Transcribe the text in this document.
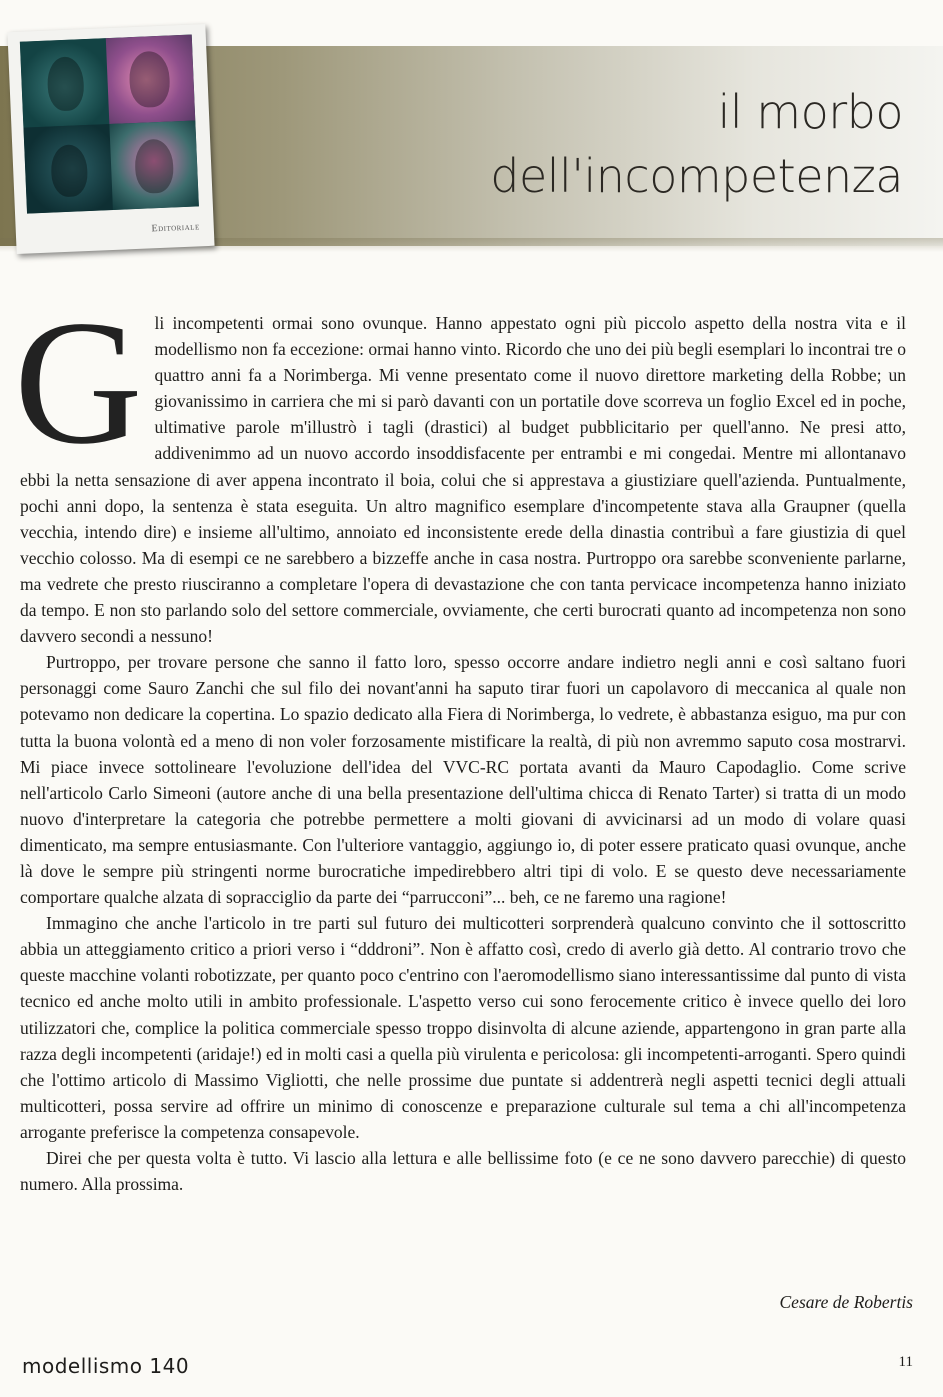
Editoriale
il morbo
dell'incompetenza

Gli incompetenti ormai sono ovunque. Hanno appestato ogni più piccolo aspetto della nostra vita e il modellismo non fa eccezione: ormai hanno vinto. Ricordo che uno dei più begli esemplari lo incontrai tre o quattro anni fa a Norimberga. Mi venne presentato come il nuovo direttore marketing della Robbe; un giovanissimo in carriera che mi si parò davanti con un portatile dove scorreva un foglio Excel ed in poche, ultimative parole m'illustrò i tagli (drastici) al budget pubblicitario per quell'anno. Ne presi atto, addivenimmo ad un nuovo accordo insoddisfacente per entrambi e mi congedai. Mentre mi allontanavo ebbi la netta sensazione di aver appena incontrato il boia, colui che si apprestava a giustiziare quell'azienda. Puntualmente, pochi anni dopo, la sentenza è stata eseguita. Un altro magnifico esemplare d'incompetente stava alla Graupner (quella vecchia, intendo dire) e insieme all'ultimo, annoiato ed inconsistente erede della dinastia contribuì a fare giustizia di quel vecchio colosso. Ma di esempi ce ne sarebbero a bizzeffe anche in casa nostra. Purtroppo ora sarebbe sconveniente parlarne, ma vedrete che presto riusciranno a completare l'opera di devastazione che con tanta pervicace incompetenza hanno iniziato da tempo. E non sto parlando solo del settore commerciale, ovviamente, che certi burocrati quanto ad incompetenza non sono davvero secondi a nessuno!

Purtroppo, per trovare persone che sanno il fatto loro, spesso occorre andare indietro negli anni e così saltano fuori personaggi come Sauro Zanchi che sul filo dei novant'anni ha saputo tirar fuori un capolavoro di meccanica al quale non potevamo non dedicare la copertina. Lo spazio dedicato alla Fiera di Norimberga, lo vedrete, è abbastanza esiguo, ma pur con tutta la buona volontà ed a meno di non voler forzosamente mistificare la realtà, di più non avremmo saputo cosa mostrarvi. Mi piace invece sottolineare l'evoluzione dell'idea del VVC-RC portata avanti da Mauro Capodaglio. Come scrive nell'articolo Carlo Simeoni (autore anche di una bella presentazione dell'ultima chicca di Renato Tarter) si tratta di un modo nuovo d'interpretare la categoria che potrebbe permettere a molti giovani di avvicinarsi ad un modo di volare quasi dimenticato, ma sempre entusiasmante. Con l'ulteriore vantaggio, aggiungo io, di poter essere praticato quasi ovunque, anche là dove le sempre più stringenti norme burocratiche impedirebbero altri tipi di volo. E se questo deve necessariamente comportare qualche alzata di sopracciglio da parte dei “parrucconi”... beh, ce ne faremo una ragione!

Immagino che anche l'articolo in tre parti sul futuro dei multicotteri sorprenderà qualcuno convinto che il sottoscritto abbia un atteggiamento critico a priori verso i “dddroni”. Non è affatto così, credo di averlo già detto. Al contrario trovo che queste macchine volanti robotizzate, per quanto poco c'entrino con l'aeromodellismo siano interessantissime dal punto di vista tecnico ed anche molto utili in ambito professionale. L'aspetto verso cui sono ferocemente critico è invece quello dei loro utilizzatori che, complice la politica commerciale spesso troppo disinvolta di alcune aziende, appartengono in gran parte alla razza degli incompetenti (aridaje!) ed in molti casi a quella più virulenta e pericolosa: gli incompetenti-arroganti. Spero quindi che l'ottimo articolo di Massimo Vigliotti, che nelle prossime due puntate si addentrerà negli aspetti tecnici degli attuali multicotteri, possa servire ad offrire un minimo di conoscenze e preparazione culturale sul tema a chi all'incompetenza arrogante preferisce la competenza consapevole.

Direi che per questa volta è tutto. Vi lascio alla lettura e alle bellissime foto (e ce ne sono davvero parecchie) di questo numero. Alla prossima.

Cesare de Robertis
modellismo 140	11
